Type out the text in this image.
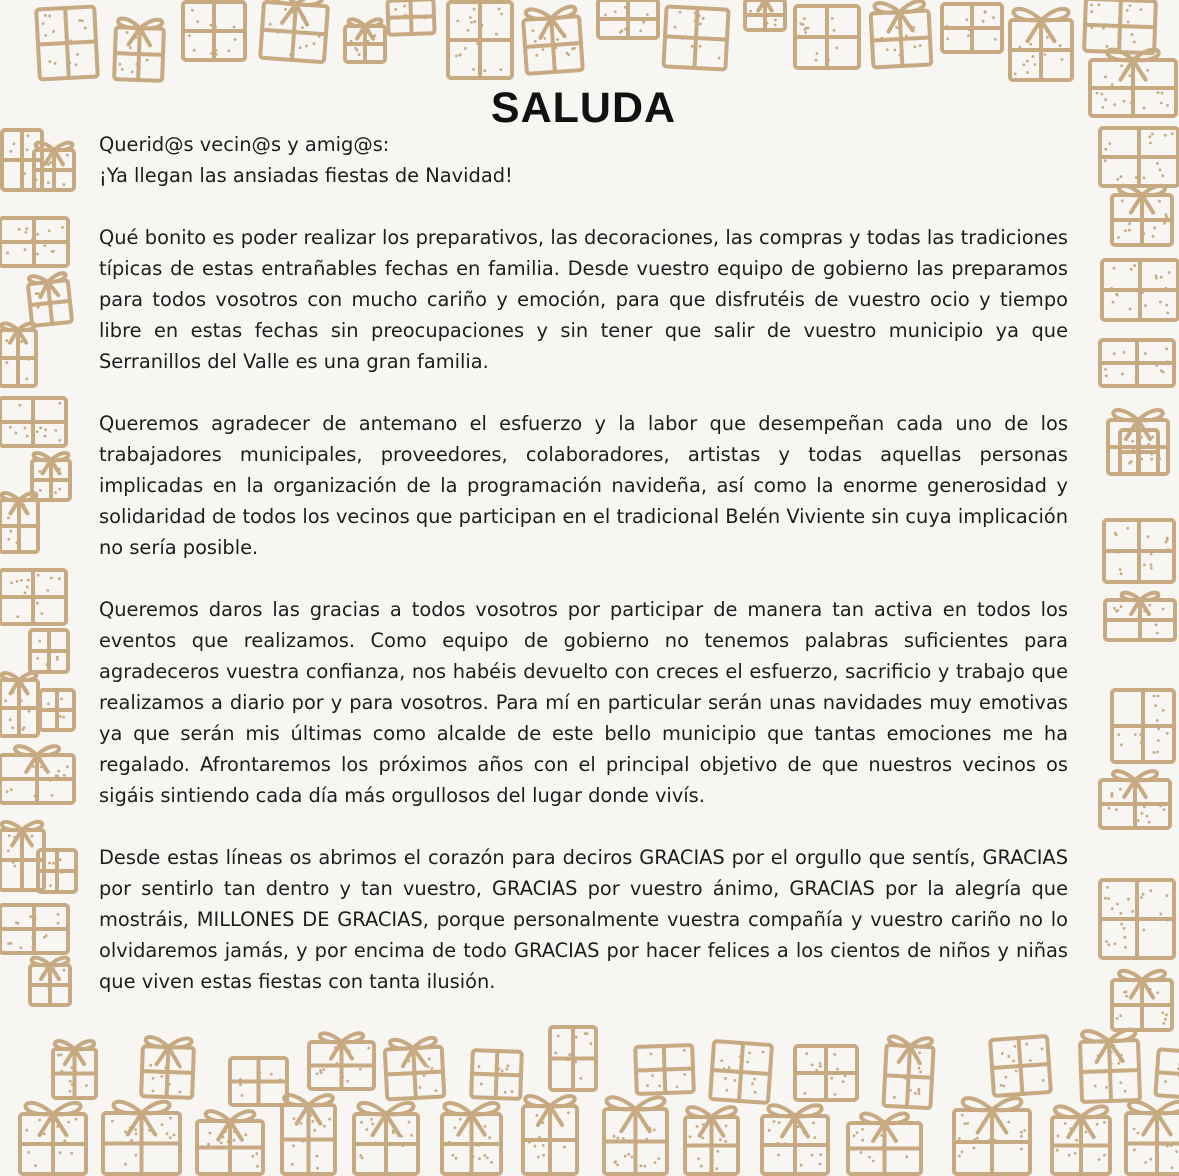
SALUDA

Querid@s vecin@s y amig@s:

¡Ya llegan las ansiadas fiestas de Navidad!

Qué bonito es poder realizar los preparativos, las decoraciones, las compras y todas las tradiciones típicas de estas entrañables fechas en familia. Desde vuestro equipo de gobierno las preparamos para todos vosotros con mucho cariño y emoción, para que disfrutéis de vuestro ocio y tiempo libre en estas fechas sin preocupaciones y sin tener que salir de vuestro municipio ya que Serranillos del Valle es una gran familia.

Queremos agradecer de antemano el esfuerzo y la labor que desempeñan cada uno de los trabajadores municipales, proveedores, colaboradores, artistas y todas aquellas personas implicadas en la organización de la programación navideña, así como la enorme generosidad y solidaridad de todos los vecinos que participan en el tradicional Belén Viviente sin cuya implicación no sería posible.

Queremos daros las gracias a todos vosotros por participar de manera tan activa en todos los eventos que realizamos. Como equipo de gobierno no tenemos palabras suficientes para agradeceros vuestra confianza, nos habéis devuelto con creces el esfuerzo, sacrificio y trabajo que realizamos a diario por y para vosotros. Para mí en particular serán unas navidades muy emotivas ya que serán mis últimas como alcalde de este bello municipio que tantas emociones me ha regalado. Afrontaremos los próximos años con el principal objetivo de que nuestros vecinos os sigáis sintiendo cada día más orgullosos del lugar donde vivís.

Desde estas líneas os abrimos el corazón para deciros GRACIAS por el orgullo que sentís, GRACIAS por sentirlo tan dentro y tan vuestro, GRACIAS por vuestro ánimo, GRACIAS por la alegría que mostráis, MILLONES DE GRACIAS, porque personalmente vuestra compañía y vuestro cariño no lo olvidaremos jamás, y por encima de todo GRACIAS por hacer felices a los cientos de niños y niñas que viven estas fiestas con tanta ilusión.
